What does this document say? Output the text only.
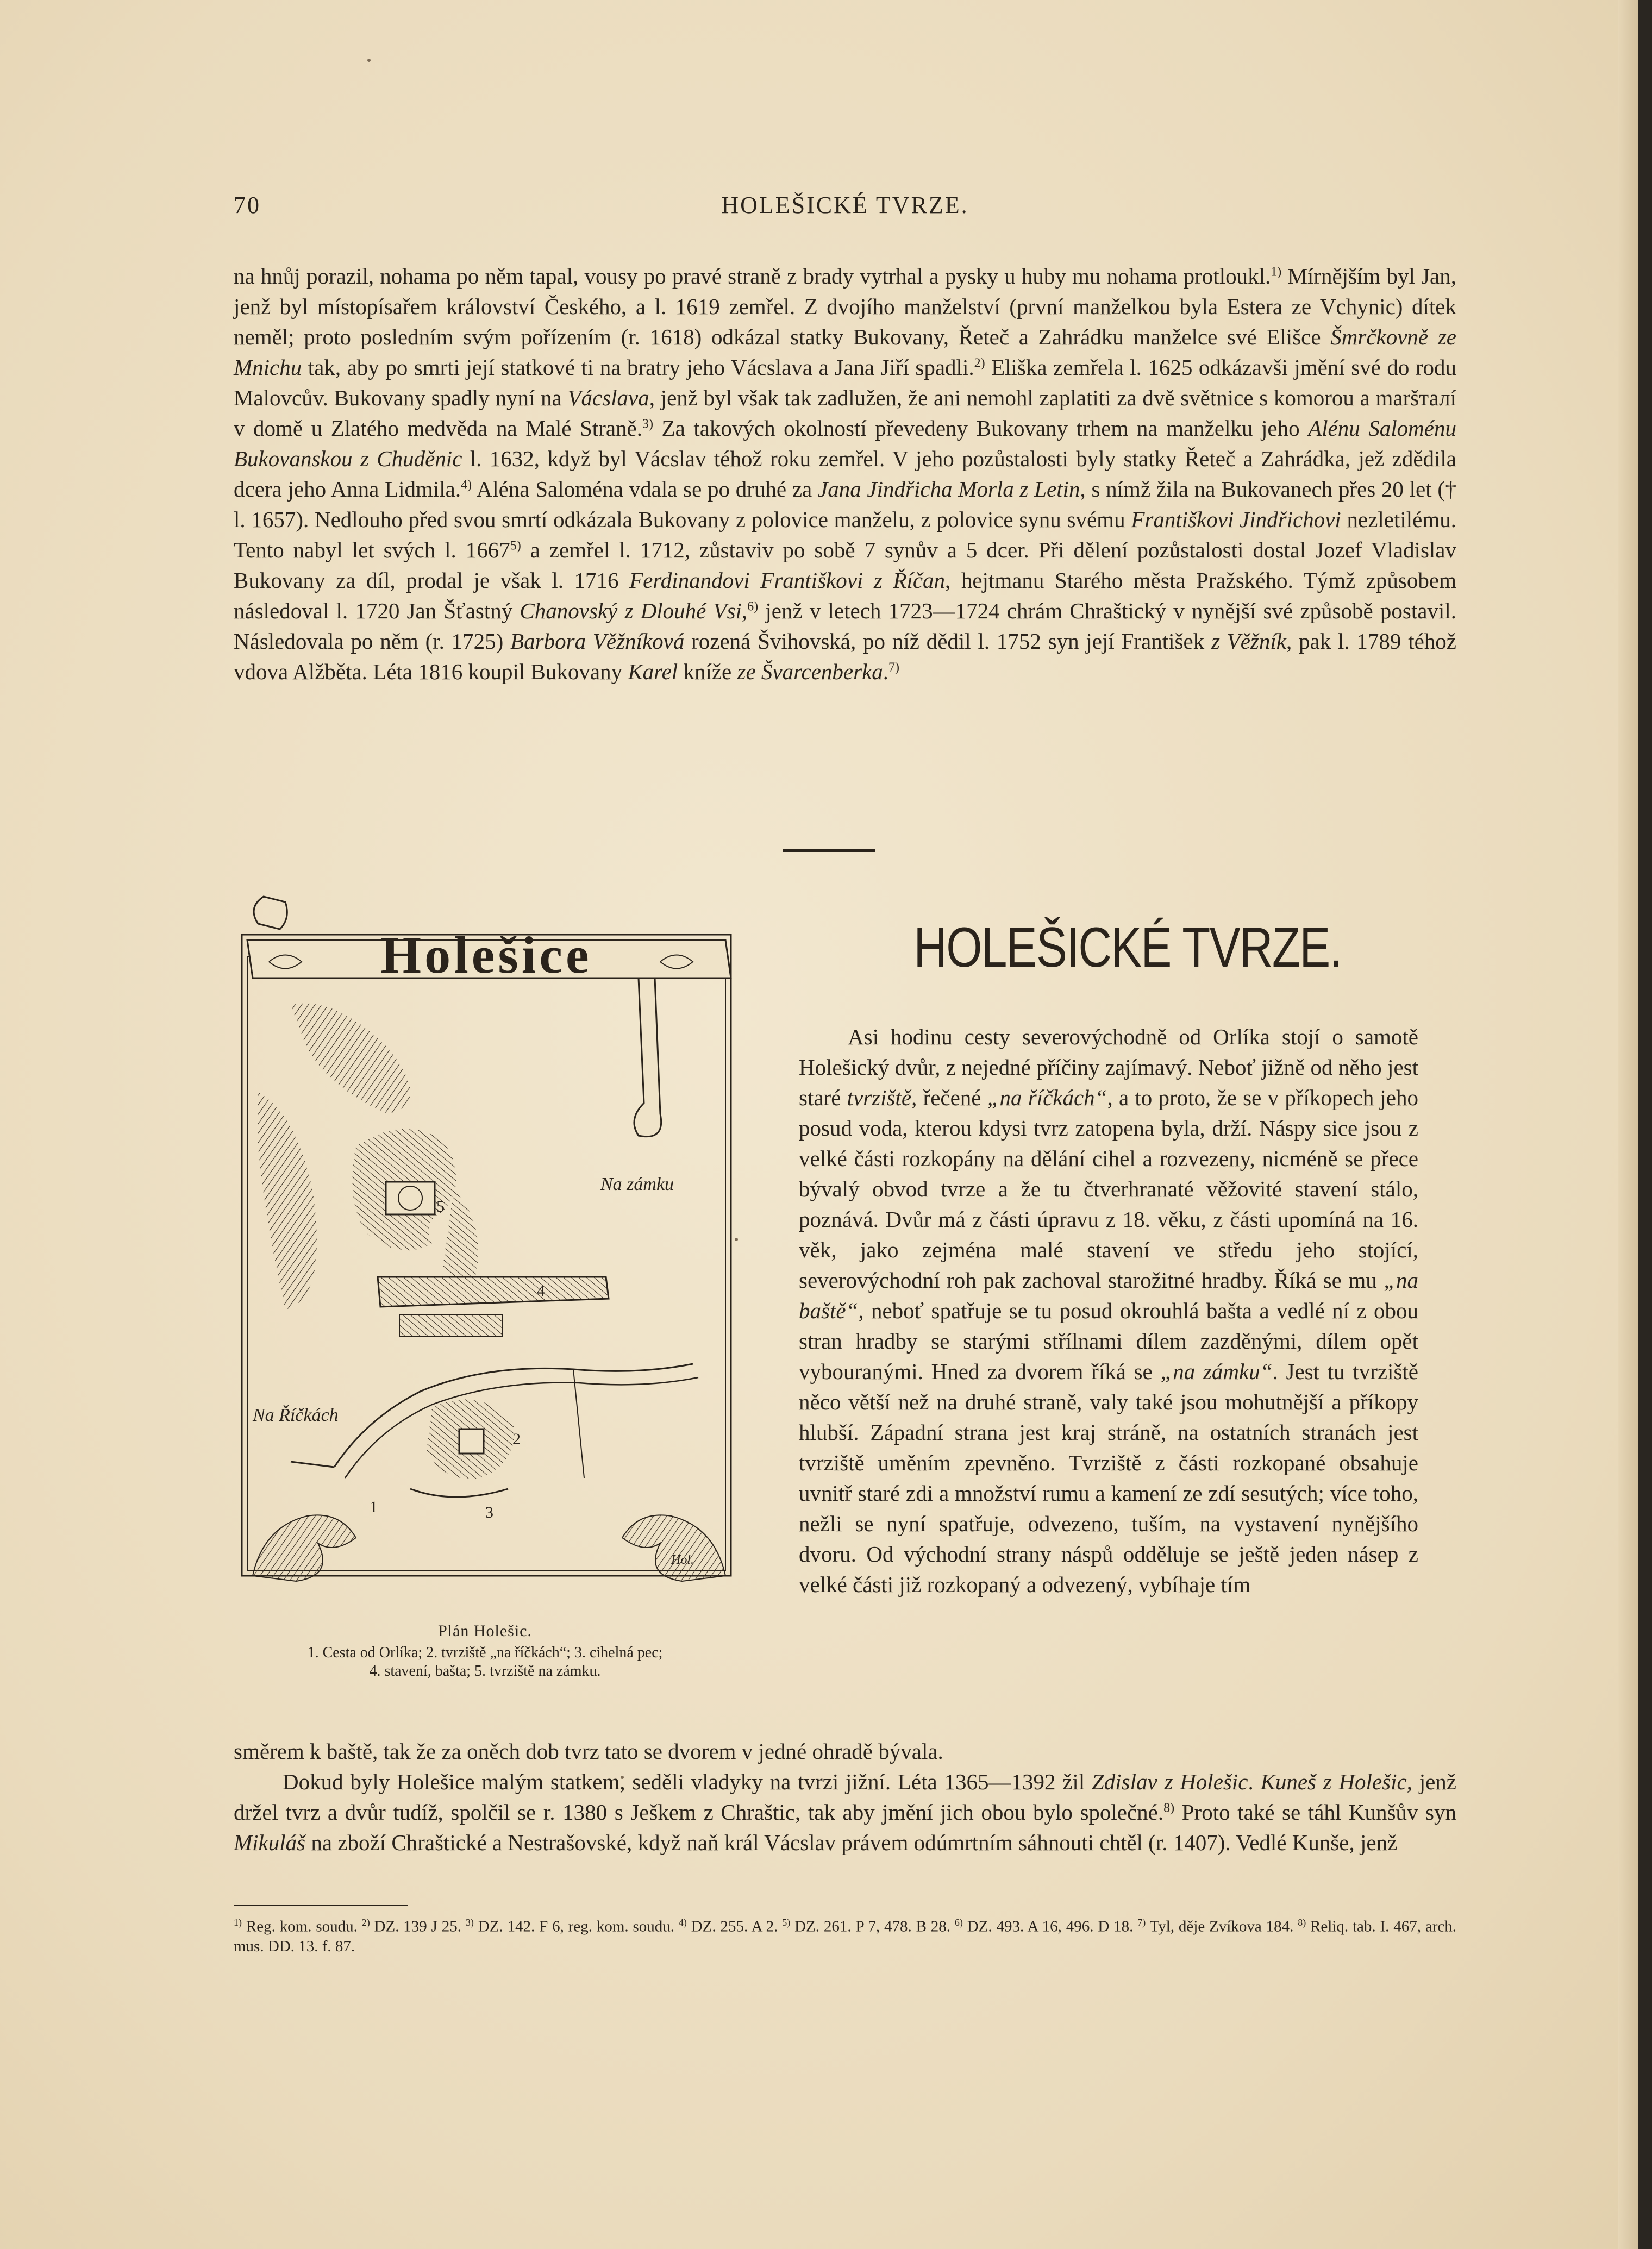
70	HOLEŠICKÉ TVRZE.

na hnůj porazil, nohama po něm tapal, vousy po pravé straně z brady vytrhal a pysky u huby mu nohama protloukl.$^{1)}$ Mírnějším byl Jan, jenž byl místopísařem království Českého, a l. 1619 zemřel. Z dvojího manželství (první manželkou byla Estera ze Vchynic) dítek neměl; proto posledním svým pořízením (r. 1618) odkázal statky Bukovany, Řeteč a Zahrádku manželce své Elišce Šmrčkovně ze Mnichu tak, aby po smrti její statkové ti na bratry jeho Vácslava a Jana Jiří spadli.$^{2)}$ Eliška zemřela l. 1625 odkázavši jmění své do rodu Malovcův. Bukovany spadly nyní na Vácslava, jenž byl však tak zadlužen, že ani nemohl zaplatiti za dvě světnice s komorou a maršталí v domě u Zlatého medvěda na Malé Straně.$^{3)}$ Za takových okolností převedeny Bukovany trhem na manželku jeho Alénu Saloménu Bukovanskou z Chuděnic l. 1632, když byl Vácslav téhož roku zemřel. V jeho pozůstalosti byly statky Řeteč a Zahrádka, jež zdědila dcera jeho Anna Lidmila.$^{4)}$ Aléna Saloména vdala se po druhé za Jana Jindřicha Morla z Letin, s nímž žila na Bukovanech přes 20 let († l. 1657). Nedlouho před svou smrtí odkázala Bukovany z polovice manželu, z polovice synu svému Františkovi Jindřichovi nezletilému. Tento nabyl let svých l. 1667$^{5)}$ a zemřel l. 1712, zůstaviv po sobě 7 synův a 5 dcer. Při dělení pozůstalosti dostal Jozef Vladislav Bukovany za díl, prodal je však l. 1716 Ferdinandovi Františkovi z Říčan, hejtmanu Starého města Pražského. Týmž způsobem následoval l. 1720 Jan Šťastný Chanovský z Dlouhé Vsi,$^{6)}$ jenž v letech 1723—1724 chrám Chraštický v nynější své způsobě postavil. Následovala po něm (r. 1725) Barbora Věžníková rozená Švihovská, po níž dědil l. 1752 syn její František z Věžník, pak l. 1789 téhož vdova Alžběta. Léta 1816 koupil Bukovany Karel kníže ze Švarcenberka.$^{7)}$

Holešice
Na zámku
Na Říčkách
1
2
3
4
5
Hol.
Plán Holešic.
1. Cesta od Orlíka; 2. tvrziště „na říčkách“; 3. cihelná pec;
4. stavení, bašta; 5. tvrziště na zámku.
HOLEŠICKÉ TVRZE.

Asi hodinu cesty severovýchodně od Orlíka stojí o samotě Holešický dvůr, z nejedné příčiny zajímavý. Neboť jižně od něho jest staré tvrziště, řečené „na říčkách“, a to proto, že se v příkopech jeho posud voda, kterou kdysi tvrz zatopena byla, drží. Náspy sice jsou z velké části rozkopány na dělání cihel a rozvezeny, nicméně se přece bývalý obvod tvrze a že tu čtverhranaté věžovité stavení stálo, poznává. Dvůr má z části úpravu z 18. věku, z části upomíná na 16. věk, jako zejména malé stavení ve středu jeho stojící, severovýchodní roh pak zachoval starožitné hradby. Říká se mu „na baště“, neboť spatřuje se tu posud okrouhlá bašta a vedlé ní z obou stran hradby se starými střílnami dílem zazděnými, dílem opět vybouranými. Hned za dvorem říká se „na zámku“. Jest tu tvrziště něco větší než na druhé straně, valy také jsou mohutnější a příkopy hlubší. Západní strana jest kraj stráně, na ostatních stranách jest tvrziště uměním zpevněno. Tvrziště z části rozkopané obsahuje uvnitř staré zdi a množství rumu a kamení ze zdí sesutých; více toho, nežli se nyní spatřuje, odvezeno, tuším, na vystavení nynějšího dvoru. Od východní strany náspů odděluje se ještě jeden násep z velké části již rozkopaný a odvezený, vybíhaje tím

směrem k baště, tak že za oněch dob tvrz tato se dvorem v jedné ohradě bývala.

Dokud byly Holešice malým statkem, seděli vladyky na tvrzi jižní. Léta 1365—1392 žil Zdislav z Holešic. Kuneš z Holešic, jenž držel tvrz a dvůr tudíž, spolčil se r. 1380 s Ješkem z Chraštic, tak aby jmění jich obou bylo společné.$^{8)}$ Proto také se táhl Kunšův syn Mikuláš na zboží Chraštické a Nestrašovské, když naň král Vácslav právem odúmrtním sáhnouti chtěl (r. 1407). Vedlé Kunše, jenž

$^{1)}$ Reg. kom. soudu. $^{2)}$ DZ. 139 J 25. $^{3)}$ DZ. 142. F 6, reg. kom. soudu. $^{4)}$ DZ. 255. A 2. $^{5)}$ DZ. 261. P 7, 478. B 28. $^{6)}$ DZ. 493. A 16, 496. D 18. $^{7)}$ Tyl, děje Zvíkova 184. $^{8)}$ Reliq. tab. I. 467, arch. mus. DD. 13. f. 87.
